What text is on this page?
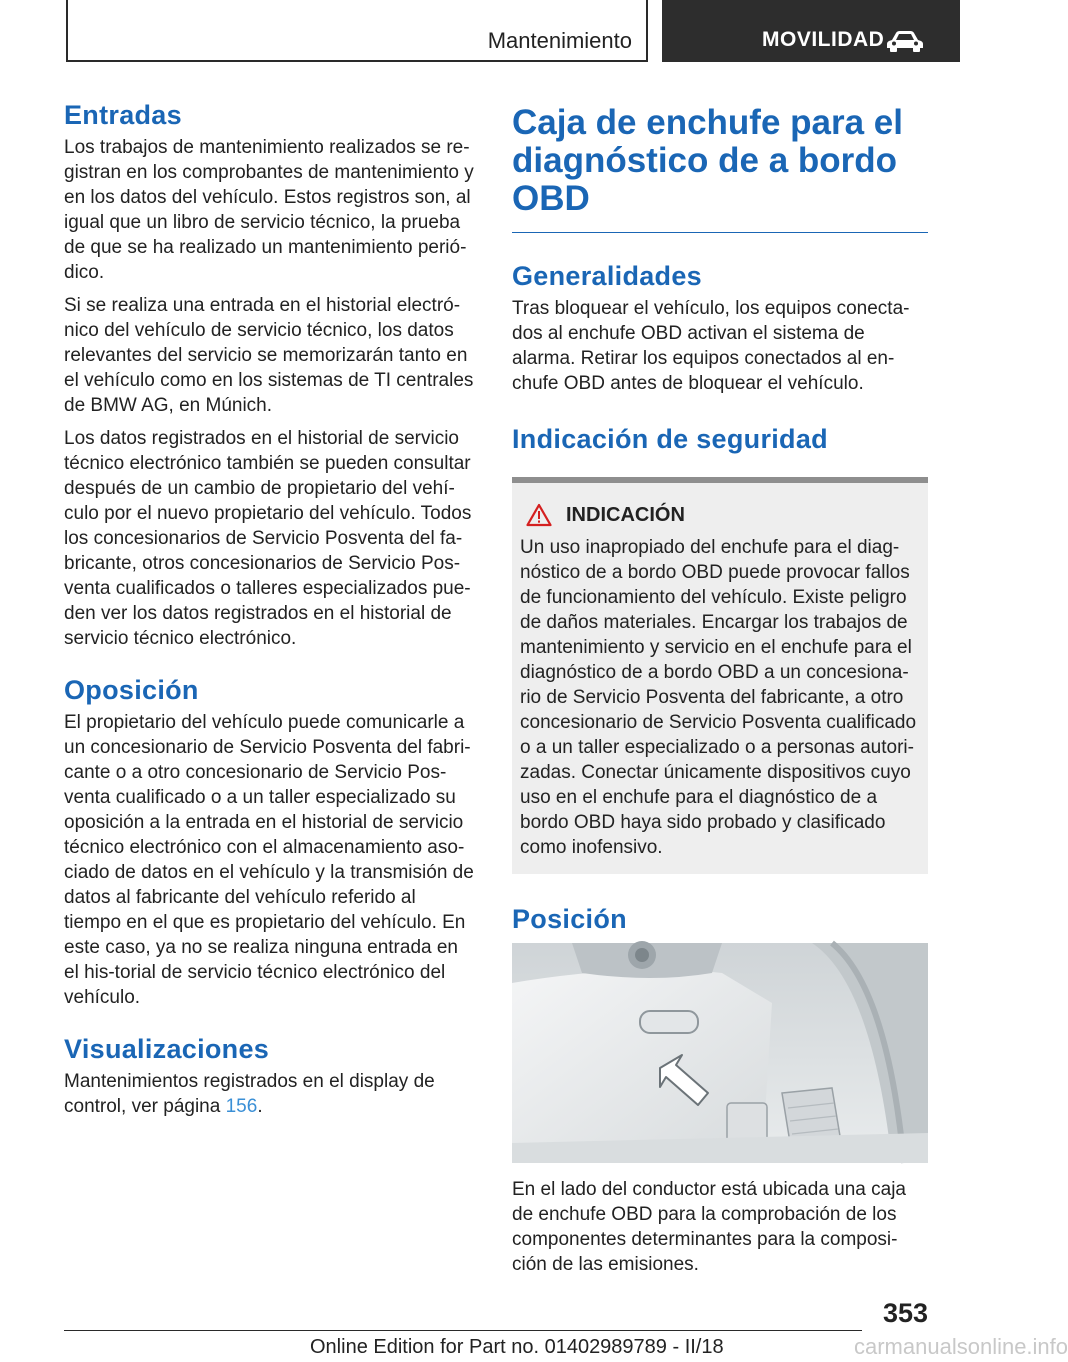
Mantenimiento	MOVILIDAD
Entradas

Los trabajos de mantenimiento realizados se re-gistran en los comprobantes de mantenimiento y en los datos del vehículo. Estos registros son, al igual que un libro de servicio técnico, la prueba de que se ha realizado un mantenimiento perió-dico.

Si se realiza una entrada en el historial electró-nico del vehículo de servicio técnico, los datos relevantes del servicio se memorizarán tanto en el vehículo como en los sistemas de TI centrales de BMW AG, en Múnich.

Los datos registrados en el historial de servicio técnico electrónico también se pueden consultar después de un cambio de propietario del vehí-culo por el nuevo propietario del vehículo. Todos los concesionarios de Servicio Posventa del fa-bricante, otros concesionarios de Servicio Pos-venta cualificados o talleres especializados pue-den ver los datos registrados en el historial de servicio técnico electrónico.

Oposición

El propietario del vehículo puede comunicarle a un concesionario de Servicio Posventa del fabri-cante o a otro concesionario de Servicio Pos-venta cualificado o a un taller especializado su oposición a la entrada en el historial de servicio técnico electrónico con el almacenamiento aso-ciado de datos en el vehículo y la transmisión de datos al fabricante del vehículo referido al tiempo en el que es propietario del vehículo. En este caso, ya no se realiza ninguna entrada en el his-torial de servicio técnico electrónico del vehículo.

Visualizaciones

Mantenimientos registrados en el display de control, ver página 156.

Caja de enchufe para el diagnóstico de a bordo OBD
Generalidades

Tras bloquear el vehículo, los equipos conecta-dos al enchufe OBD activan el sistema de alarma. Retirar los equipos conectados al en-chufe OBD antes de bloquear el vehículo.

Indicación de seguridad
INDICACIÓN

Un uso inapropiado del enchufe para el diag-nóstico de a bordo OBD puede provocar fallos de funcionamiento del vehículo. Existe peligro de daños materiales. Encargar los trabajos de mantenimiento y servicio en el enchufe para el diagnóstico de a bordo OBD a un concesiona-rio de Servicio Posventa del fabricante, a otro concesionario de Servicio Posventa cualificado o a un taller especializado o a personas autori-zadas. Conectar únicamente dispositivos cuyo uso en el enchufe para el diagnóstico de a bordo OBD haya sido probado y clasificado como inofensivo.

Posición

En el lado del conductor está ubicada una caja de enchufe OBD para la comprobación de los componentes determinantes para la composi-ción de las emisiones.

353
Online Edition for Part no. 01402989789 - II/18	carmanualsonline.info
